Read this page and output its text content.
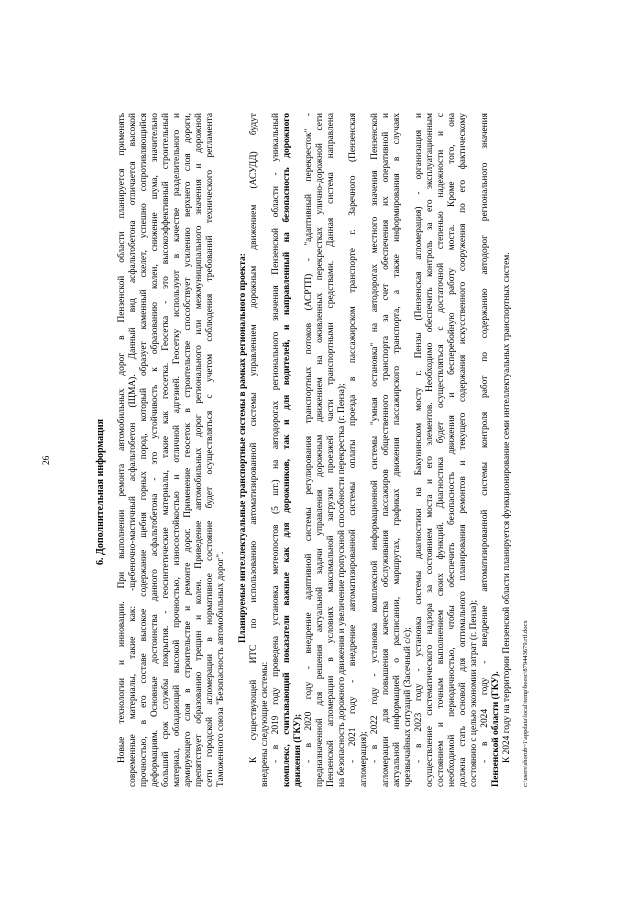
26	6. Дополнительная информация Новые технологии и инновации. При выполнении ремонта автомобильных дорог в Пензенской области планируется применять современные материалы, такие как: -щебеночно-мастичный асфальтобетон (ЩМА). Данный вид асфальтобетона отличается высокой прочностью, в его составе высокое содержание щебня горных пород, который образует каменный скелет, успешно сопротивляющийся деформациям. Основные достоинства данного асфальтобетона - это устойчивость к образованию колеи, снижение шума, значительно больший срок службы покрытия. - геосинтетические материалы, такие как геосетка. Геосетка - это высокоэффективный строительный материал, обладающий высокой прочностью, износостойкостью и отличной адгезией. Геосетку используют в качестве разделительного и армирующего слоя в строительстве и ремонте дорог. Применение геосеток в строительстве способствует усилению верхнего слоя дороги, препятствует образованию трещин и колеи. Приведение автомобильных дорог регионального или межмуниципального значения и дорожной сети городской агломерации в нормативное состояние будет осуществляться с учетом соблюдения требований технического регламента Таможенного союза "Безопасность автомобильных дорог".
Планируемые интеллектуальные транспортные системы в рамках регионального проекта: К существующей ИТС по использованию автоматизированной системы управлением дорожным движением (АСУДД) будут внедрены следующие системы: - в 2019 году проведена установка метеопостов (5 шт.) на автодорогах регионального значения Пензенской области - уникальный комплекс, считывающий показатели важные как для дорожников, так и для водителей, и направленный на безопасность дорожного движения (ГКУ); - в 2020 году - внедрение адаптивной системы регулирования транспортных потоков (АСРТП) - "адаптивный перекресток" - предназначенной для решения актуальной задачи управления дорожным движением на оживленных перекрестках улично-дорожной сети Пензенской агломерации в условиях максимальной загрузки проезжей части транспортными средствами. Данная система направлена на безопасность дорожного движения и увеличение пропускной способности перекрестка (г. Пенза); - 2021 году - внедрение автоматизированной системы оплаты проезда в пассажирском транспорте г. Заречного (Пензенская агломерация); - в 2022 году - установка комплексной информационной системы "умная остановка" на автодорогах местного значения Пензенской агломерации для повышения качества обслуживания пассажиров общественного транспорта за счет обеспечения их оперативной и актуальной информацией о расписании, маршрутах, графиках движения пассажирского транспорта, а также информирования в случаях чрезвычайных ситуаций (Засечный с/с); - в 2023 году - установка системы диагностики на Бакунинском мосту г. Пензы (Пензенская агломерация) - организация и осуществление систематического надзора за состоянием моста и его элементов. Необходимо обеспечить контроль за его эксплуатационным состоянием и точным выполнением своих функций. Диагностика будет осуществляться с достаточной степенью надежности и с необходимой периодичностью, чтобы обеспечить безопасность движения и бесперебойную работу моста. Кроме того, она должна стать основой для оптимального планирования ремонтов и текущего содержания искусственного сооружения по его фактическому состоянию с целью экономии затрат (г. Пенза); - в 2024 году - внедрение автоматизированной системы контроля работ по содержанию автодорог регионального значения Пензенской области (ГКУ). К 2024 году на территории Пензенской области планируется функционирование семи интеллектуальных транспортных систем.	c:\users\shorub~1\appdata\local\temp\beesc\879443679.rtf.docx
